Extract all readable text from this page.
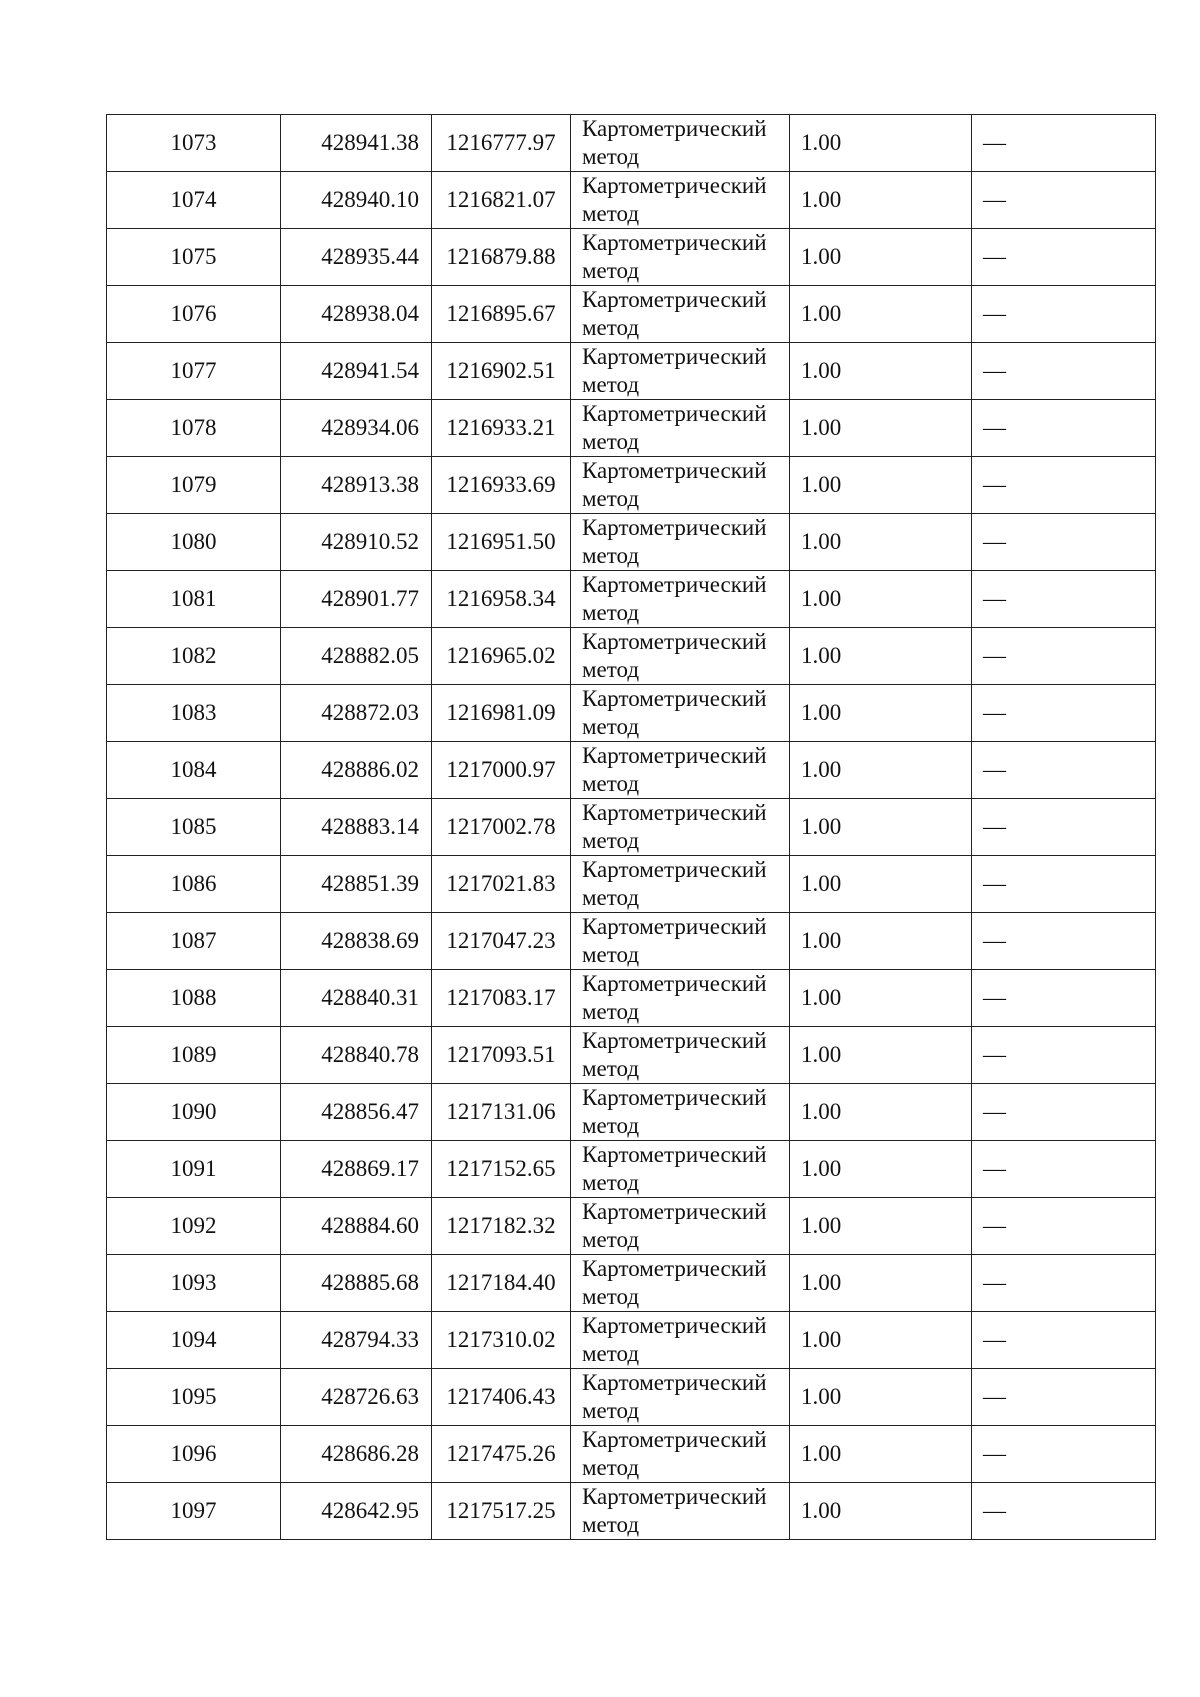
1073	428941.38	1216777.97	Картометрический метод	1.00	—
1074	428940.10	1216821.07	Картометрический метод	1.00	—
1075	428935.44	1216879.88	Картометрический метод	1.00	—
1076	428938.04	1216895.67	Картометрический метод	1.00	—
1077	428941.54	1216902.51	Картометрический метод	1.00	—
1078	428934.06	1216933.21	Картометрический метод	1.00	—
1079	428913.38	1216933.69	Картометрический метод	1.00	—
1080	428910.52	1216951.50	Картометрический метод	1.00	—
1081	428901.77	1216958.34	Картометрический метод	1.00	—
1082	428882.05	1216965.02	Картометрический метод	1.00	—
1083	428872.03	1216981.09	Картометрический метод	1.00	—
1084	428886.02	1217000.97	Картометрический метод	1.00	—
1085	428883.14	1217002.78	Картометрический метод	1.00	—
1086	428851.39	1217021.83	Картометрический метод	1.00	—
1087	428838.69	1217047.23	Картометрический метод	1.00	—
1088	428840.31	1217083.17	Картометрический метод	1.00	—
1089	428840.78	1217093.51	Картометрический метод	1.00	—
1090	428856.47	1217131.06	Картометрический метод	1.00	—
1091	428869.17	1217152.65	Картометрический метод	1.00	—
1092	428884.60	1217182.32	Картометрический метод	1.00	—
1093	428885.68	1217184.40	Картометрический метод	1.00	—
1094	428794.33	1217310.02	Картометрический метод	1.00	—
1095	428726.63	1217406.43	Картометрический метод	1.00	—
1096	428686.28	1217475.26	Картометрический метод	1.00	—
1097	428642.95	1217517.25	Картометрический метод	1.00	—
